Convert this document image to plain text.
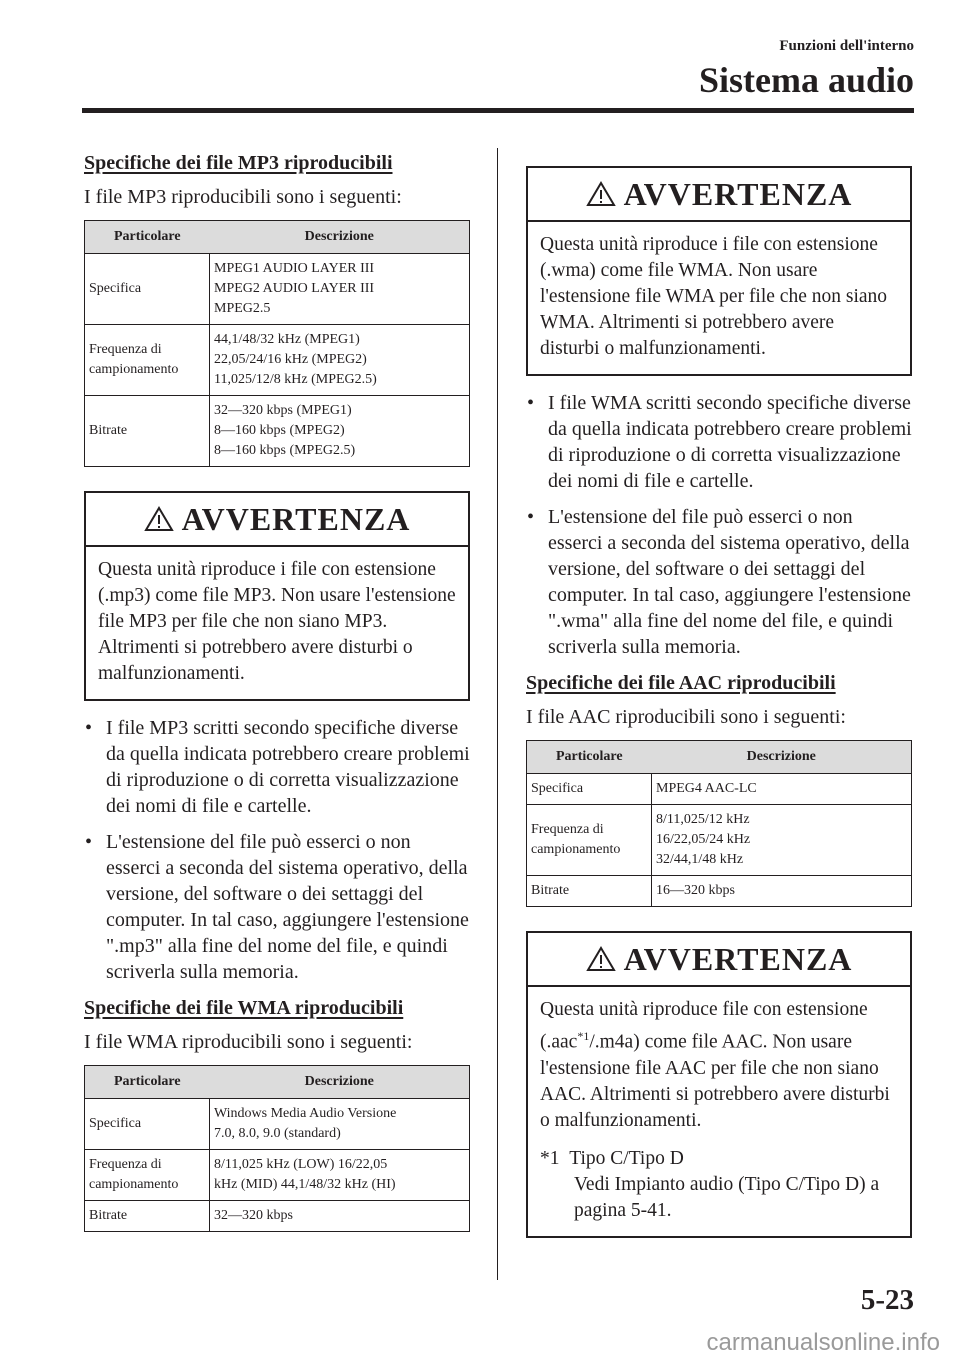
Funzioni dell'interno
Sistema audio
Specifiche dei file MP3 riproducibili

I file MP3 riproducibili sono i seguenti:

Particolare	Descrizione

Specifica	MPEG1 AUDIO LAYER III
MPEG2 AUDIO LAYER III
MPEG2.5

Frequenza di
campionamento	44,1/48/32 kHz (MPEG1)
22,05/24/16 kHz (MPEG2)
11,025/12/8 kHz (MPEG2.5)

Bitrate	32—320 kbps (MPEG1)
8—160 kbps (MPEG2)
8—160 kbps (MPEG2.5)
AVVERTENZA

Questa unità riproduce i file con estensione (.mp3) come file MP3. Non usare l'estensione file MP3 per file che non siano MP3. Altrimenti si potrebbero avere disturbi o malfunzionamenti.

• I file MP3 scritti secondo specifiche diverse da quella indicata potrebbero creare problemi di riproduzione o di corretta visualizzazione dei nomi di file e cartelle.
• L'estensione del file può esserci o non esserci a seconda del sistema operativo, della versione, del software o dei settaggi del computer. In tal caso, aggiungere l'estensione ".mp3" alla fine del nome del file, e quindi scriverla sulla memoria.
Specifiche dei file WMA riproducibili

I file WMA riproducibili sono i seguenti:

Particolare	Descrizione

Specifica	Windows Media Audio Versione
7.0, 8.0, 9.0 (standard)

Frequenza di
campionamento	8/11,025 kHz (LOW) 16/22,05
kHz (MID) 44,1/48/32 kHz (HI)

Bitrate	32—320 kbps
AVVERTENZA

Questa unità riproduce i file con estensione (.wma) come file WMA. Non usare l'estensione file WMA per file che non siano WMA. Altrimenti si potrebbero avere disturbi o malfunzionamenti.

• I file WMA scritti secondo specifiche diverse da quella indicata potrebbero creare problemi di riproduzione o di corretta visualizzazione dei nomi di file e cartelle.
• L'estensione del file può esserci o non esserci a seconda del sistema operativo, della versione, del software o dei settaggi del computer. In tal caso, aggiungere l'estensione ".wma" alla fine del nome del file, e quindi scriverla sulla memoria.
Specifiche dei file AAC riproducibili

I file AAC riproducibili sono i seguenti:

Particolare	Descrizione

Specifica	MPEG4 AAC-LC

Frequenza di
campionamento	8/11,025/12 kHz
16/22,05/24 kHz
32/44,1/48 kHz

Bitrate	16—320 kbps
AVVERTENZA

Questa unità riproduce file con estensione (.aac$^{*1}$/.m4a) come file AAC. Non usare l'estensione file AAC per file che non siano AAC. Altrimenti si potrebbero avere disturbi o malfunzionamenti.

*1 Tipo C/Tipo D
Vedi Impianto audio (Tipo C/Tipo D) a pagina 5-41.
5-23
carmanualsonline.info
